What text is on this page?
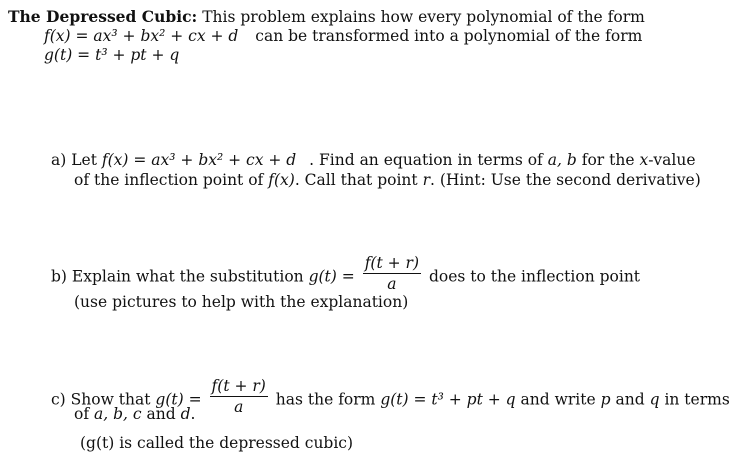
The Depressed Cubic: This problem explains how every polynomial of the form
f(x) = ax³ + bx² + cx + d can be transformed into a polynomial of the form
g(t) = t³ + pt + q
a) Let f(x) = ax³ + bx² + cx + d . Find an equation in terms of a, b for the x-value
of the inflection point of f(x). Call that point r. (Hint: Use the second derivative)
b) Explain what the substitution $g(t) = \frac{f(t + r)}{a}$ does to the inflection point
(use pictures to help with the explanation)
c) Show that $g(t) = \frac{f(t + r)}{a}$ has the form g(t) = t³ + pt + q and write p and q in terms
of a, b, c and d.
(g(t) is called the depressed cubic)
